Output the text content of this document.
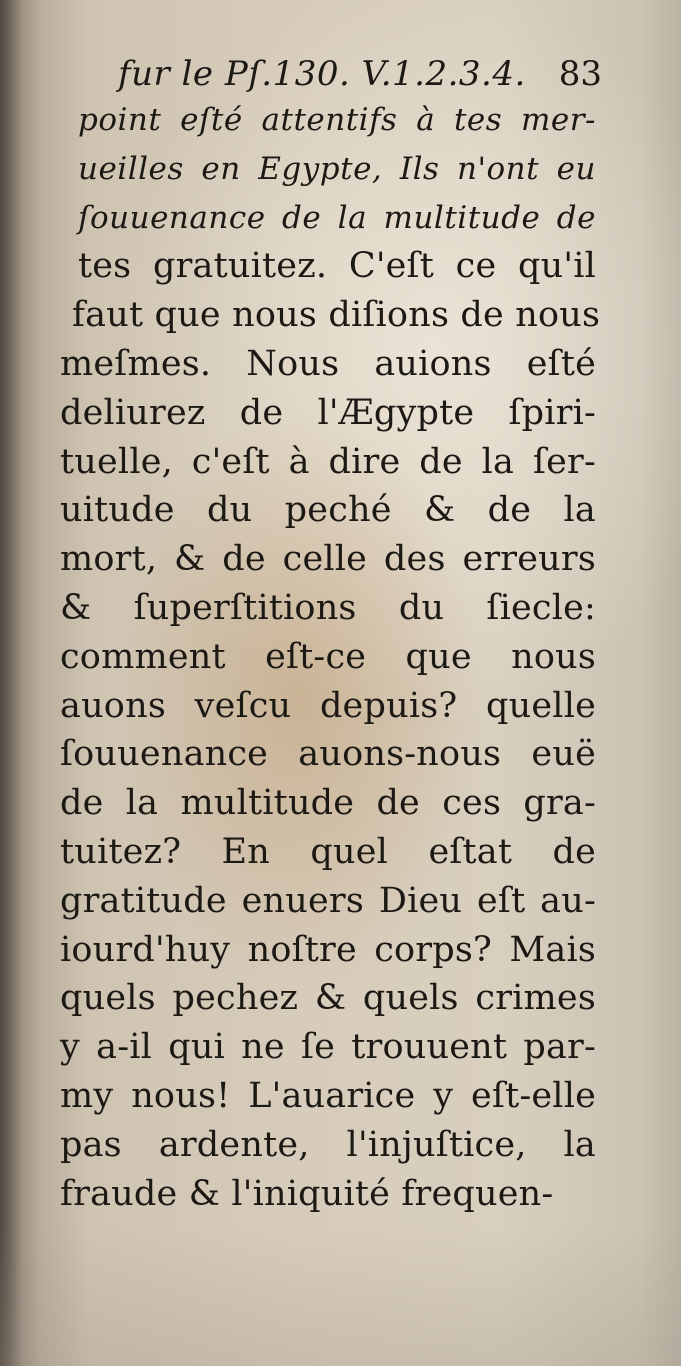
fur le Pſ.130. V.1.2.3.4. 83
point eſté attentifs à tes mer-
ueilles en Egypte, Ils n'ont eu
ſouuenance de la multitude de
tes gratuitez. C'eſt ce qu'il
faut que nous diſions de nous
meſmes. Nous auions eſté
deliurez de l'Ægypte ſpiri-
tuelle, c'eſt à dire de la ſer-
uitude du peché & de la
mort, & de celle des erreurs
& ſuperſtitions du ſiecle:
comment eſt-ce que nous
auons veſcu depuis? quelle
ſouuenance auons-nous euë
de la multitude de ces gra-
tuitez? En quel eſtat de
gratitude enuers Dieu eſt au-
iourd'huy noſtre corps? Mais
quels pechez & quels crimes
y a-il qui ne ſe trouuent par-
my nous! L'auarice y eſt-elle
pas ardente, l'injuſtice, la
fraude & l'iniquité frequen-
